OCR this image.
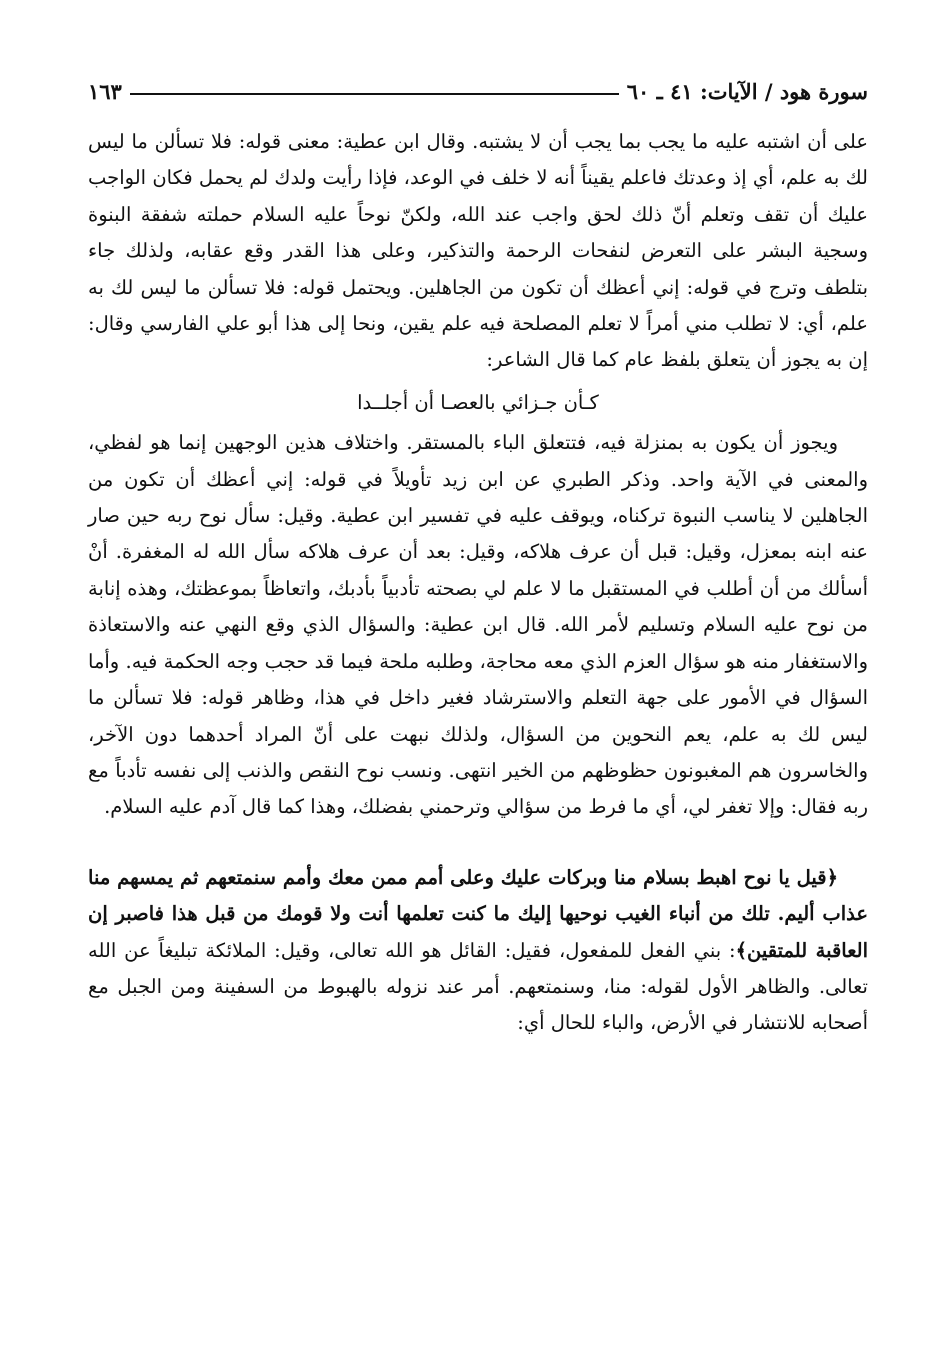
سورة هود / الآيات: ٤١ ـ ٦٠
١٦٣

على أن اشتبه عليه ما يجب بما يجب أن لا يشتبه. وقال ابن عطية: معنى قوله: فلا تسألن ما ليس لك به علم، أي إذ وعدتك فاعلم يقيناً أنه لا خلف في الوعد، فإذا رأيت ولدك لم يحمل فكان الواجب عليك أن تقف وتعلم أنّ ذلك لحق واجب عند الله، ولكنّ نوحاً عليه السلام حملته شفقة البنوة وسجية البشر على التعرض لنفحات الرحمة والتذكير، وعلى هذا القدر وقع عقابه، ولذلك جاء بتلطف وترج في قوله: إني أعظك أن تكون من الجاهلين. ويحتمل قوله: فلا تسألن ما ليس لك به علم، أي: لا تطلب مني أمراً لا تعلم المصلحة فيه علم يقين، ونحا إلى هذا أبو علي الفارسي وقال: إن به يجوز أن يتعلق بلفظ عام كما قال الشاعر:

كـأن جـزائي بالعصـا أن أجلــدا

ويجوز أن يكون به بمنزلة فيه، فتتعلق الباء بالمستقر. واختلاف هذين الوجهين إنما هو لفظي، والمعنى في الآية واحد. وذكر الطبري عن ابن زيد تأويلاً في قوله: إني أعظك أن تكون من الجاهلين لا يناسب النبوة تركناه، ويوقف عليه في تفسير ابن عطية. وقيل: سأل نوح ربه حين صار عنه ابنه بمعزل، وقيل: قبل أن عرف هلاكه، وقيل: بعد أن عرف هلاكه سأل الله له المغفرة. أنْ أسألك من أن أطلب في المستقبل ما لا علم لي بصحته تأدبياً بأدبك، واتعاظاً بموعظتك، وهذه إنابة من نوح عليه السلام وتسليم لأمر الله. قال ابن عطية: والسؤال الذي وقع النهي عنه والاستعاذة والاستغفار منه هو سؤال العزم الذي معه محاجة، وطلبه ملحة فيما قد حجب وجه الحكمة فيه. وأما السؤال في الأمور على جهة التعلم والاسترشاد فغير داخل في هذا، وظاهر قوله: فلا تسألن ما ليس لك به علم، يعم النحوين من السؤال، ولذلك نبهت على أنّ المراد أحدهما دون الآخر، والخاسرون هم المغبونون حظوظهم من الخير انتهى. ونسب نوح النقص والذنب إلى نفسه تأدباً مع ربه فقال: وإلا تغفر لي، أي ما فرط من سؤالي وترحمني بفضلك، وهذا كما قال آدم عليه السلام.

﴿قيل يا نوح اهبط بسلام منا وبركات عليك وعلى أمم ممن معك وأمم سنمتعهم ثم يمسهم منا عذاب أليم. تلك من أنباء الغيب نوحيها إليك ما كنت تعلمها أنت ولا قومك من قبل هذا فاصبر إن العاقبة للمتقين﴾: بني الفعل للمفعول، فقيل: القائل هو الله تعالى، وقيل: الملائكة تبليغاً عن الله تعالى. والظاهر الأول لقوله: منا، وسنمتعهم. أمر عند نزوله بالهبوط من السفينة ومن الجبل مع أصحابه للانتشار في الأرض، والباء للحال أي:
